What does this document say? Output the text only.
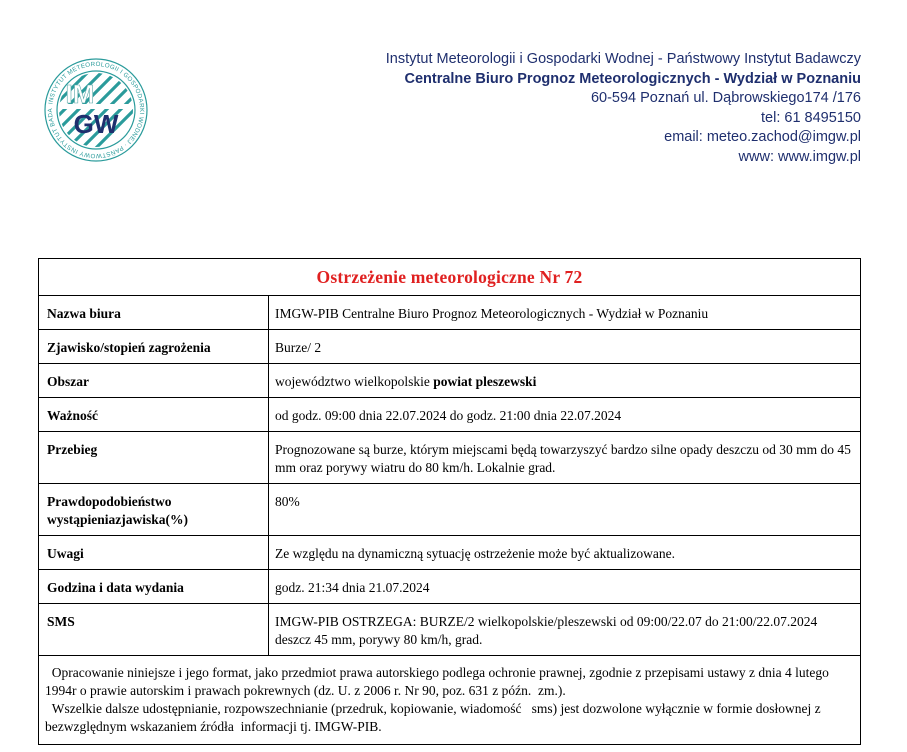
IM
GW
INSTYTUT METEOROLOGII I GOSPODARKI WODNEJ · PAŃSTWOWY INSTYTUT BADA
Instytut Meteorologii i Gospodarki Wodnej - Państwowy Instytut Badawczy
Centralne Biuro Prognoz Meteorologicznych - Wydział w Poznaniu
60-594 Poznań ul. Dąbrowskiego174 /176
tel: 61 8495150
email: meteo.zachod@imgw.pl
www: www.imgw.pl
Ostrzeżenie meteorologiczne Nr 72	
Nazwa biura	IMGW-PIB Centralne Biuro Prognoz Meteorologicznych - Wydział w Poznaniu
Zjawisko/stopień zagrożenia	Burze/ 2
Obszar	województwo wielkopolskie powiat pleszewski
Ważność	od godz. 09:00 dnia 22.07.2024 do godz. 21:00 dnia 22.07.2024
Przebieg	Prognozowane są burze, którym miejscami będą towarzyszyć bardzo silne opady deszczu od 30 mm do 45 mm oraz porywy wiatru do 80 km/h. Lokalnie grad.
Prawdopodobieństwo
wystąpieniazjawiska(%)	80%
Uwagi	Ze względu na dynamiczną sytuację ostrzeżenie może być aktualizowane.
Godzina i data wydania	godz. 21:34 dnia 21.07.2024
SMS	IMGW-PIB OSTRZEGA: BURZE/2 wielkopolskie/pleszewski od 09:00/22.07 do 21:00/22.07.2024 deszcz 45 mm, porywy 80 km/h, grad.

Opracowanie niniejsze i jego format, jako przedmiot prawa autorskiego podlega ochronie prawnej, zgodnie z przepisami ustawy z dnia 4 lutego 1994r o prawie autorskim i prawach pokrewnych (dz. U. z 2006 r. Nr 90, poz. 631 z późn.  zm.).

Wszelkie dalsze udostępnianie, rozpowszechnianie (przedruk, kopiowanie, wiadomość   sms) jest dozwolone wyłącznie w formie dosłownej z bezwzględnym wskazaniem źródła  informacji tj. IMGW-PIB.	
